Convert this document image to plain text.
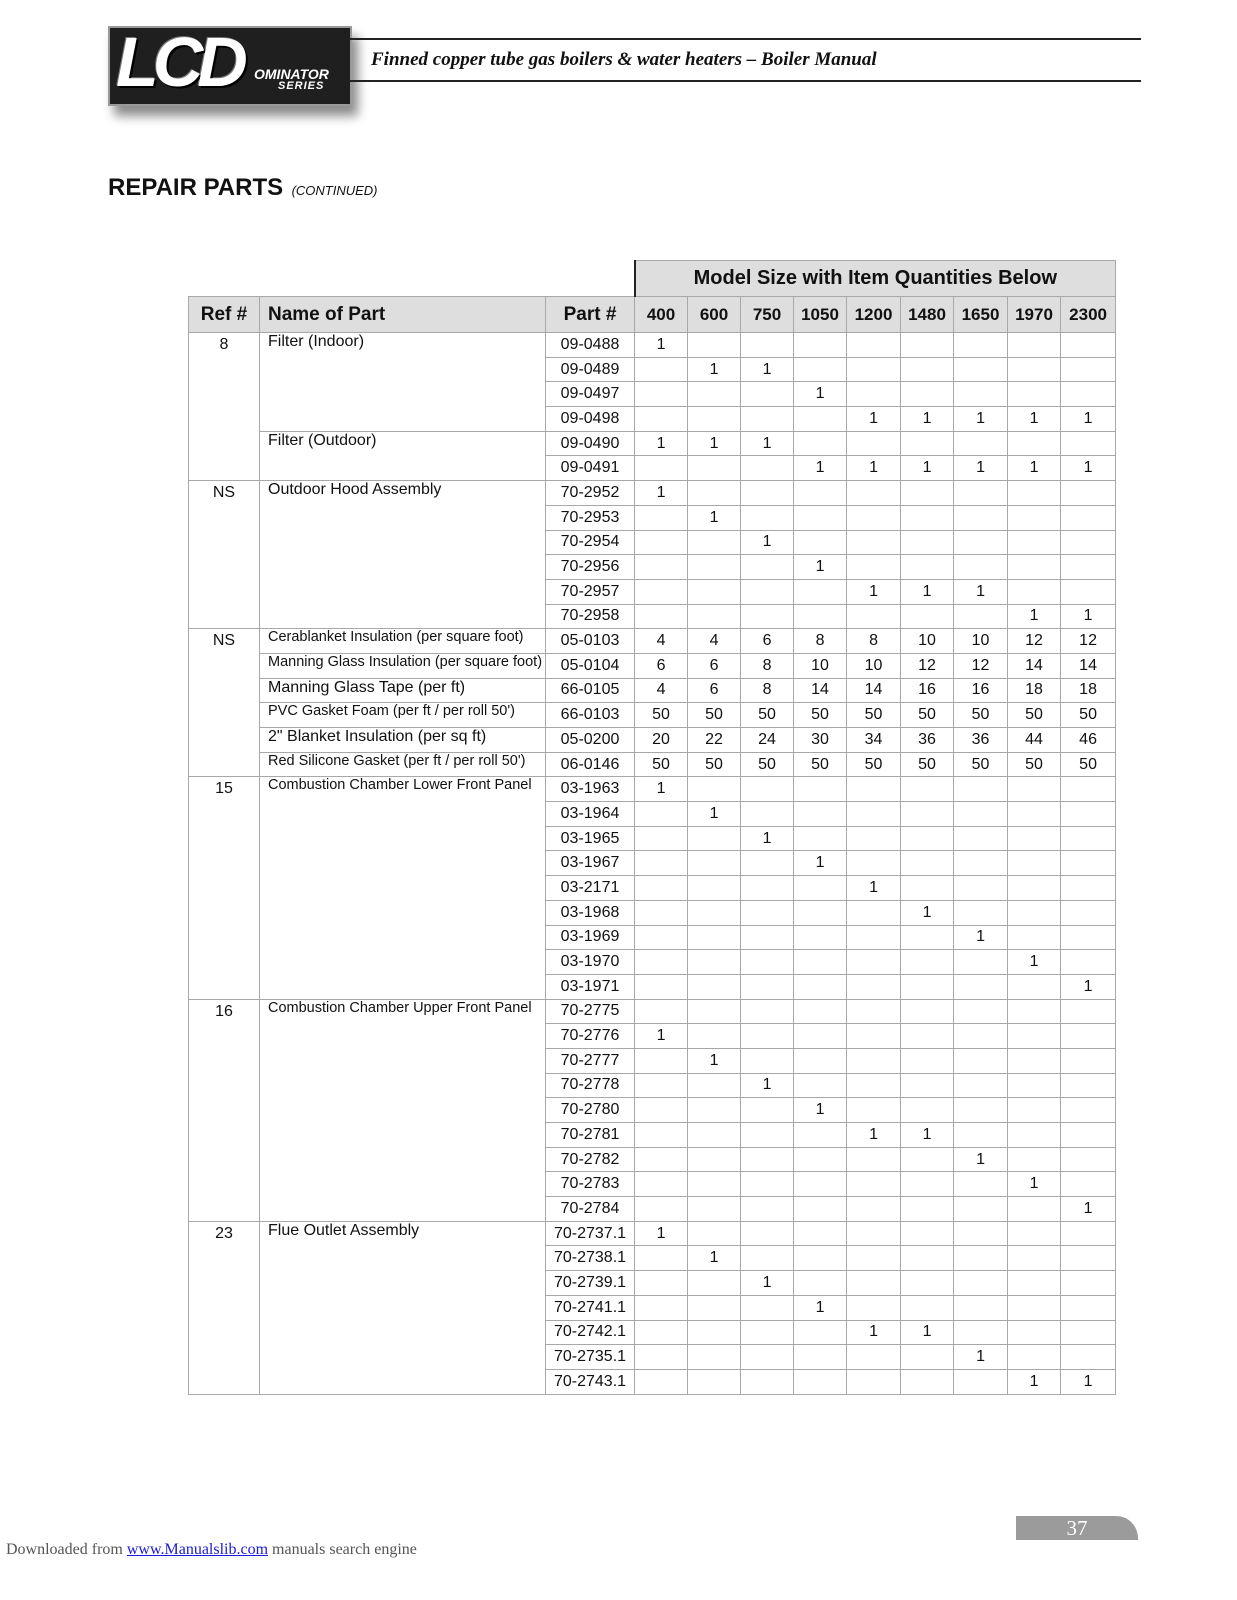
LCD OMINATOR
SERIES
Finned copper tube gas boilers & water heaters – Boiler Manual
REPAIR PARTS (CONTINUED)
			Model Size with Item Quantities Below								
Ref #	Name of Part	Part #	400	600	750	1050	1200	1480	1650	1970	2300
8	Filter (Indoor)	09-0488	1								
		09-0489		1	1						
		09-0497				1					
		09-0498					1	1	1	1	1
	Filter (Outdoor)	09-0490	1	1	1						
		09-0491				1	1	1	1	1	1
NS	Outdoor Hood Assembly	70-2952	1								
		70-2953		1							
		70-2954			1						
		70-2956				1					
		70-2957					1	1	1		
		70-2958								1	1
NS	Cerablanket Insulation (per square foot)	05-0103	4	4	6	8	8	10	10	12	12
	Manning Glass Insulation (per square foot)	05-0104	6	6	8	10	10	12	12	14	14
	Manning Glass Tape (per ft)	66-0105	4	6	8	14	14	16	16	18	18
	PVC Gasket Foam (per ft / per roll 50')	66-0103	50	50	50	50	50	50	50	50	50
	2" Blanket Insulation (per sq ft)	05-0200	20	22	24	30	34	36	36	44	46
	Red Silicone Gasket (per ft / per roll 50')	06-0146	50	50	50	50	50	50	50	50	50
15	Combustion Chamber Lower Front Panel	03-1963	1								
		03-1964		1							
		03-1965			1						
		03-1967				1					
		03-2171					1				
		03-1968						1			
		03-1969							1		
		03-1970								1	
		03-1971									1
16	Combustion Chamber Upper Front Panel	70-2775									
		70-2776	1								
		70-2777		1							
		70-2778			1						
		70-2780				1					
		70-2781					1	1			
		70-2782							1		
		70-2783								1	
		70-2784									1
23	Flue Outlet Assembly	70-2737.1	1								
		70-2738.1		1							
		70-2739.1			1						
		70-2741.1				1					
		70-2742.1					1	1			
		70-2735.1							1		
		70-2743.1								1	1
37
Downloaded from www.Manualslib.com manuals search engine
